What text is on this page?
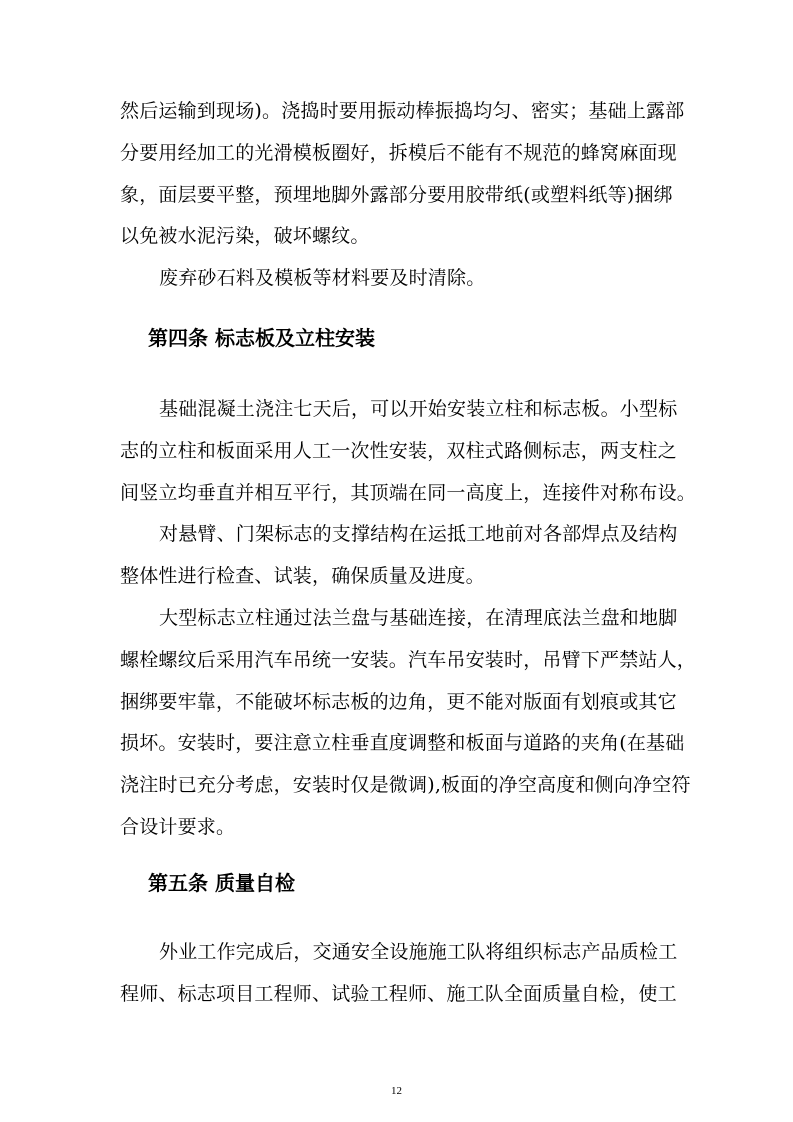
然后运输到现场)。浇捣时要用振动棒振捣均匀、密实；基础上露部
分要用经加工的光滑模板圈好，拆模后不能有不规范的蜂窝麻面现
象，面层要平整，预埋地脚外露部分要用胶带纸(或塑料纸等)捆绑
以免被水泥污染，破坏螺纹。
废弃砂石料及模板等材料要及时清除。
第四条 标志板及立柱安装
基础混凝土浇注七天后，可以开始安装立柱和标志板。小型标
志的立柱和板面采用人工一次性安装，双柱式路侧标志，两支柱之
间竖立均垂直并相互平行，其顶端在同一高度上，连接件对称布设。
对悬臂、门架标志的支撑结构在运抵工地前对各部焊点及结构
整体性进行检查、试装，确保质量及进度。
大型标志立柱通过法兰盘与基础连接，在清理底法兰盘和地脚
螺栓螺纹后采用汽车吊统一安装。汽车吊安装时，吊臂下严禁站人，
捆绑要牢靠，不能破坏标志板的边角，更不能对版面有划痕或其它
损坏。安装时，要注意立柱垂直度调整和板面与道路的夹角(在基础
浇注时已充分考虑，安装时仅是微调),板面的净空高度和侧向净空符
合设计要求。
第五条 质量自检
外业工作完成后，交通安全设施施工队将组织标志产品质检工
程师、标志项目工程师、试验工程师、施工队全面质量自检，使工
12
